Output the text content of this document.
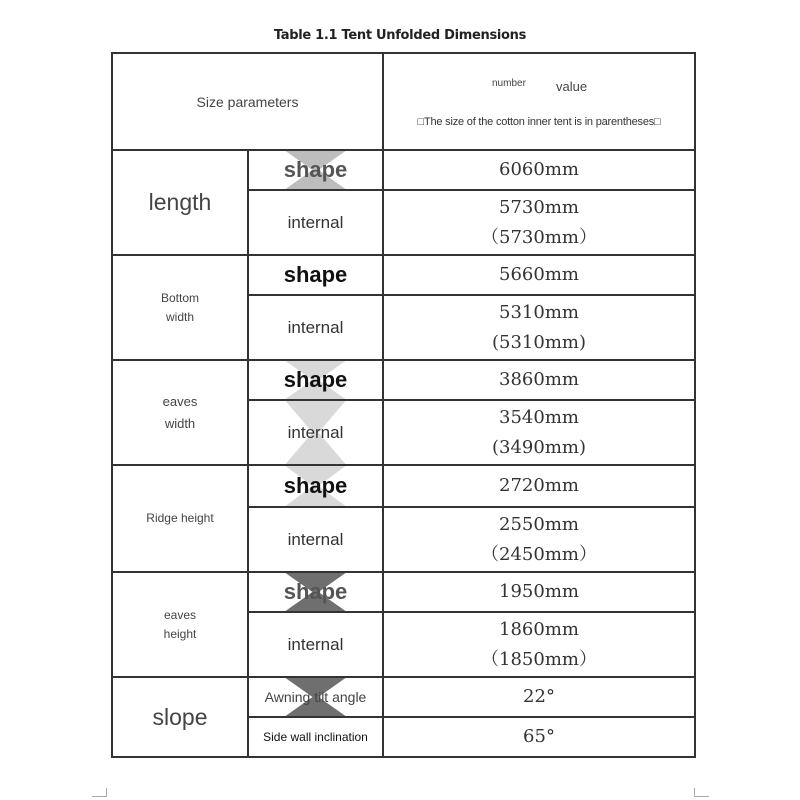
Table 1.1 Tent Unfolded Dimensions
Size parameters		number value
□The size of the cotton inner tent is in parentheses□

length	shape	6060mm
	internal	5730mm
（5730mm）

Bottom
width	shape	5660mm
	internal	5310mm
(5310mm)

eaves
width	shape	3860mm

internal	3540mm
(3490mm)

Ridge height	shape	2720mm
	internal	2550mm
（2450mm）

eaves
height	shape	1950mm
	internal	1860mm
（1850mm）

slope	Awning tilt angle	22°
	Side wall inclination	65°
